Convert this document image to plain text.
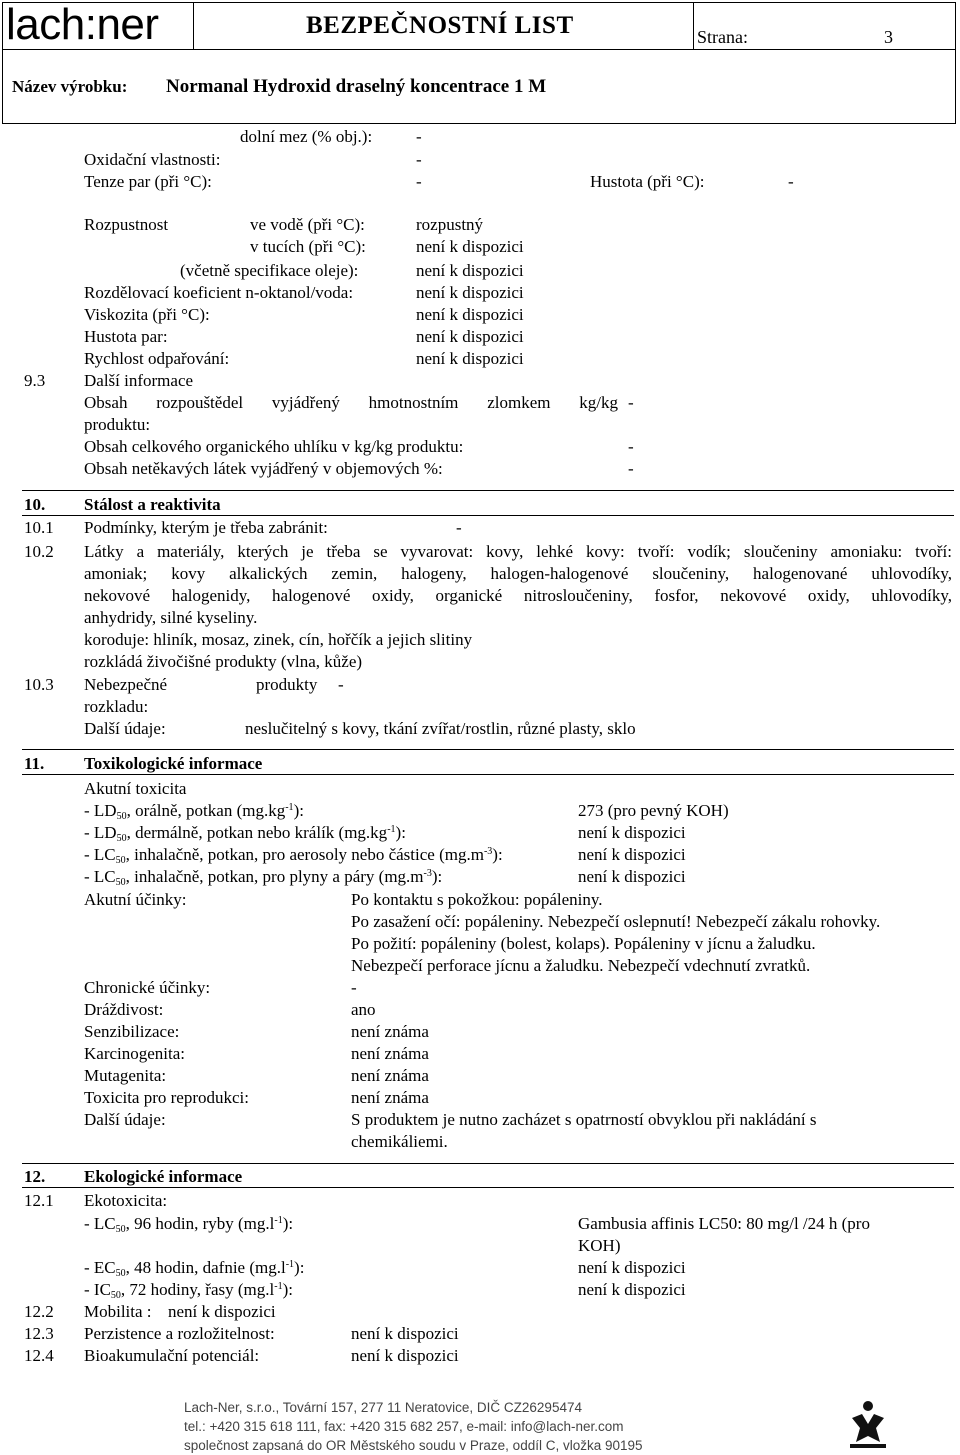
lach:ner	BEZPEČNOSTNÍ LIST	Strana:	3
Název výrobku: Normanal Hydroxid draselný koncentrace 1 M
dolní mez (% obj.):	-
Oxidační vlastnosti:	-
Tenze par (při °C):	-	Hustota (při °C):	-
Rozpustnost	ve vodě (při °C):	rozpustný
v tucích (při °C):	není k dispozici
(včetně specifikace oleje):	není k dispozici
Rozdělovací koeficient n-oktanol/voda:	není k dispozici
Viskozita (při °C):	není k dispozici
Hustota par:	není k dispozici
Rychlost odpařování:	není k dispozici
9.3 Další informace
Obsah rozpouštědel vyjádřený hmotnostním zlomkem kg/kg -
produktu:
Obsah celkového organického uhlíku v kg/kg produktu:	-
Obsah netěkavých látek vyjádřený v objemových %:	-
10. Stálost a reaktivita
10.1 Podmínky, kterým je třeba zabránit:	-
10.2 Látky a materiály, kterých je třeba se vyvarovat: kovy, lehké kovy: tvoří: vodík; sloučeniny amoniaku: tvoří:
amoniak; kovy alkalických zemin, halogeny, halogen-halogenové sloučeniny, halogenované uhlovodíky,
nekovové halogenidy, halogenové oxidy, organické nitrosloučeniny, fosfor, nekovové oxidy, uhlovodíky,
anhydridy, silné kyseliny.
koroduje: hliník, mosaz, zinek, cín, hořčík a jejich slitiny
rozkládá živočišné produkty (vlna, kůže)
10.3 Nebezpečné	produkty -
rozkladu:
Další údaje:	neslučitelný s kovy, tkání zvířat/rostlin, různé plasty, sklo
11. Toxikologické informace
Akutní toxicita
- $LD_{50}$, orálně, potkan $(mg.kg^{-1})$:	273 (pro pevný KOH)
- $LD_{50}$, dermálně, potkan nebo králík $(mg.kg^{-1})$:	není k dispozici
- $LC_{50}$, inhalačně, potkan, pro aerosoly nebo částice $(mg.m^{-3})$:	není k dispozici
- $LC_{50}$, inhalačně, potkan, pro plyny a páry $(mg.m^{-3})$:	není k dispozici
Akutní účinky:	Po kontaktu s pokožkou: popáleniny.
Po zasažení očí: popáleniny. Nebezpečí oslepnutí! Nebezpečí zákalu rohovky.
Po požití: popáleniny (bolest, kolaps). Popáleniny v jícnu a žaludku.
Nebezpečí perforace jícnu a žaludku. Nebezpečí vdechnutí zvratků.
Chronické účinky:	-
Dráždivost:	ano
Senzibilizace:	není známa
Karcinogenita:	není známa
Mutagenita:	není známa
Toxicita pro reprodukci:	není známa
Další údaje:	S produktem je nutno zacházet s opatrností obvyklou při nakládání s
chemikáliemi.
12. Ekologické informace
12.1 Ekotoxicita:
- $LC_{50}$, 96 hodin, ryby $(mg.l^{-1})$:	Gambusia affinis LC50: 80 mg/l /24 h (pro
KOH)
- $EC_{50}$, 48 hodin, dafnie $(mg.l^{-1})$:	není k dispozici
- $IC_{50}$, 72 hodiny, řasy $(mg.l^{-1})$:	není k dispozici
12.2 Mobilita : není k dispozici
12.3 Perzistence a rozložitelnost:	není k dispozici
12.4 Bioakumulační potenciál:	není k dispozici
Lach-Ner, s.r.o., Tovární 157, 277 11 Neratovice, DIČ CZ26295474
tel.: +420 315 618 111, fax: +420 315 682 257, e-mail: info@lach-ner.com
společnost zapsaná do OR Městského soudu v Praze, oddíl C, vložka 90195
